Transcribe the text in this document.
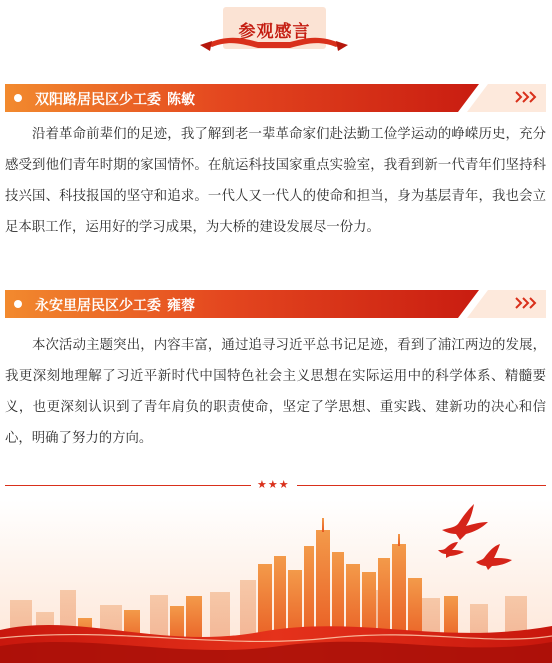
参观感言
双阳路居民区少工委 陈敏
沿着革命前辈们的足迹，我了解到老一辈革命家们赴法勤工俭学运动的峥嵘历史，充分感受到他们青年时期的家国情怀。在航运科技国家重点实验室，我看到新一代青年们坚持科技兴国、科技报国的坚守和追求。一代人又一代人的使命和担当，身为基层青年，我也会立足本职工作，运用好的学习成果，为大桥的建设发展尽一份力。
永安里居民区少工委 雍蓉
本次活动主题突出，内容丰富，通过追寻习近平总书记足迹，看到了浦江两边的发展，我更深刻地理解了习近平新时代中国特色社会主义思想在实际运用中的科学体系、精髓要义，也更深刻认识到了青年肩负的职责使命，坚定了学思想、重实践、建新功的决心和信心，明确了努力的方向。
★★★
